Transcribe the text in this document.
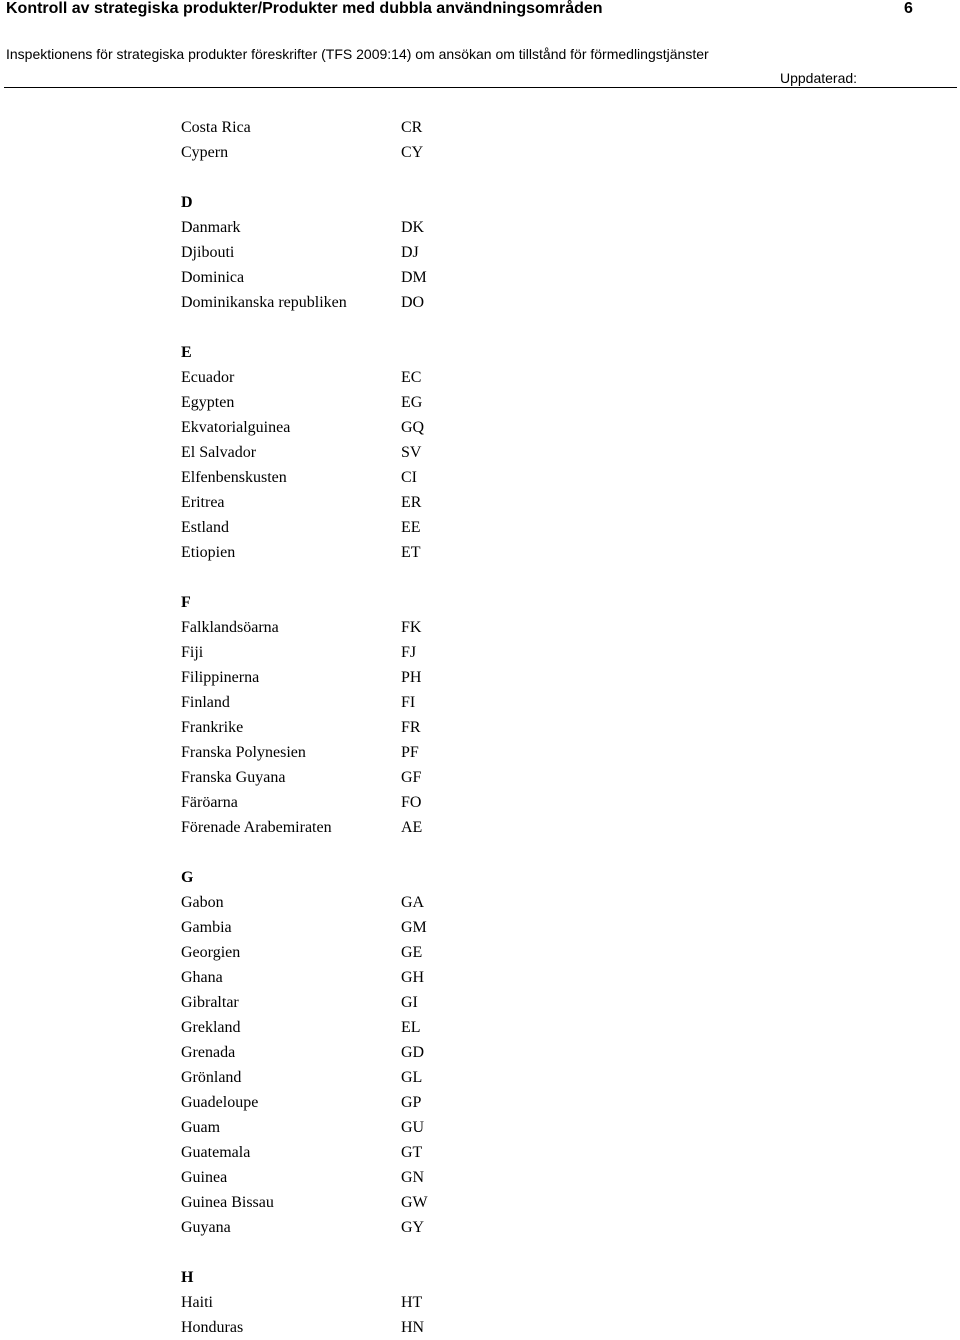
Kontroll av strategiska produkter/Produkter med dubbla användningsområden	6
Inspektionens för strategiska produkter föreskrifter (TFS 2009:14) om ansökan om tillstånd för förmedlingstjänster
Uppdaterad:
Costa Rica	CR
Cypern	CY
D
Danmark	DK
Djibouti	DJ
Dominica	DM
Dominikanska republiken	DO
E
Ecuador	EC
Egypten	EG
Ekvatorialguinea	GQ
El Salvador	SV
Elfenbenskusten	CI
Eritrea	ER
Estland	EE
Etiopien	ET
F
Falklandsöarna	FK
Fiji	FJ
Filippinerna	PH
Finland	FI
Frankrike	FR
Franska Polynesien	PF
Franska Guyana	GF
Färöarna	FO
Förenade Arabemiraten	AE
G
Gabon	GA
Gambia	GM
Georgien	GE
Ghana	GH
Gibraltar	GI
Grekland	EL
Grenada	GD
Grönland	GL
Guadeloupe	GP
Guam	GU
Guatemala	GT
Guinea	GN
Guinea Bissau	GW
Guyana	GY
H
Haiti	HT
Honduras	HN
